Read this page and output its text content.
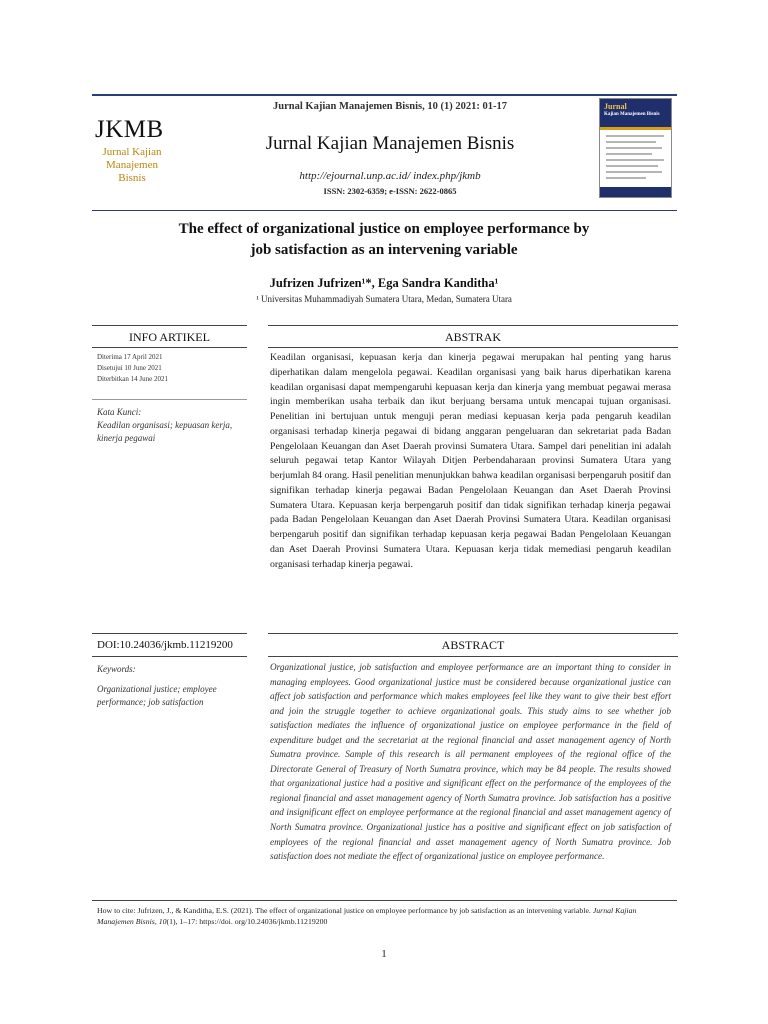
JKMB
Jurnal Kajian
Manajemen
Bisnis
Jurnal Kajian Manajemen Bisnis, 10 (1) 2021: 01-17
Jurnal Kajian Manajemen Bisnis
http://ejournal.unp.ac.id/ index.php/jkmb
ISSN: 2302-6359; e-ISSN: 2622-0865
Jurnal
Kajian Manajemen Bisnis
The effect of organizational justice on employee performance by
job satisfaction as an intervening variable
Jufrizen Jufrizen¹*, Ega Sandra Kanditha¹
¹ Universitas Muhammadiyah Sumatera Utara, Medan, Sumatera Utara
INFO ARTIKEL
Diterima 17 April 2021
Disetujui 10 June 2021
Diterbitkan 14 June 2021
Kata Kunci:
Keadilan organisasi; kepuasan kerja, kinerja pegawai
ABSTRAK
Keadilan organisasi, kepuasan kerja dan kinerja pegawai merupakan hal penting yang harus diperhatikan dalam mengelola pegawai. Keadilan organisasi yang baik harus diperhatikan karena keadilan organisasi dapat mempengaruhi kepuasan kerja dan kinerja yang membuat pegawai merasa ingin memberikan usaha terbaik dan ikut berjuang bersama untuk mencapai tujuan organisasi. Penelitian ini bertujuan untuk menguji peran mediasi kepuasan kerja pada pengaruh keadilan organisasi terhadap kinerja pegawai di bidang anggaran pengeluaran dan sekretariat pada Badan Pengelolaan Keuangan dan Aset Daerah provinsi Sumatera Utara. Sampel dari penelitian ini adalah seluruh pegawai tetap Kantor Wilayah Ditjen Perbendaharaan provinsi Sumatera Utara yang berjumlah 84 orang. Hasil penelitian menunjukkan bahwa keadilan organisasi berpengaruh positif dan signifikan terhadap kinerja pegawai Badan Pengelolaan Keuangan dan Aset Daerah Provinsi Sumatera Utara. Kepuasan kerja berpengaruh positif dan tidak signifikan terhadap kinerja pegawai pada Badan Pengelolaan Keuangan dan Aset Daerah Provinsi Sumatera Utara. Keadilan organisasi berpengaruh positif dan signifikan terhadap kepuasan kerja pegawai Badan Pengelolaan Keuangan dan Aset Daerah Provinsi Sumatera Utara. Kepuasan kerja tidak memediasi pengaruh keadilan organisasi terhadap kinerja pegawai.
DOI:10.24036/jkmb.11219200
Keywords:
Organizational justice; employee performance; job satisfaction
ABSTRACT
Organizational justice, job satisfaction and employee performance are an important thing to consider in managing employees. Good organizational justice must be considered because organizational justice can affect job satisfaction and performance which makes employees feel like they want to give their best effort and join the struggle together to achieve organizational goals. This study aims to see whether job satisfaction mediates the influence of organizational justice on employee performance in the field of expenditure budget and the secretariat at the regional financial and asset management agency of North Sumatra province. Sample of this research is all permanent employees of the regional office of the Directorate General of Treasury of North Sumatra province, which may be 84 people. The results showed that organizational justice had a positive and significant effect on the performance of the employees of the regional financial and asset management agency of North Sumatra province. Job satisfaction has a positive and insignificant effect on employee performance at the regional financial and asset management agency of North Sumatra province. Organizational justice has a positive and significant effect on job satisfaction of employees of the regional financial and asset management agency of North Sumatra province. Job satisfaction does not mediate the effect of organizational justice on employee performance.
How to cite: Jufrizen, J., & Kanditha, E.S. (2021). The effect of organizational justice on employee performance by job satisfaction as an intervening variable. Jurnal Kajian Manajemen Bisnis, 10(1), 1–17: https://doi. org/10.24036/jkmb.11219200
1
